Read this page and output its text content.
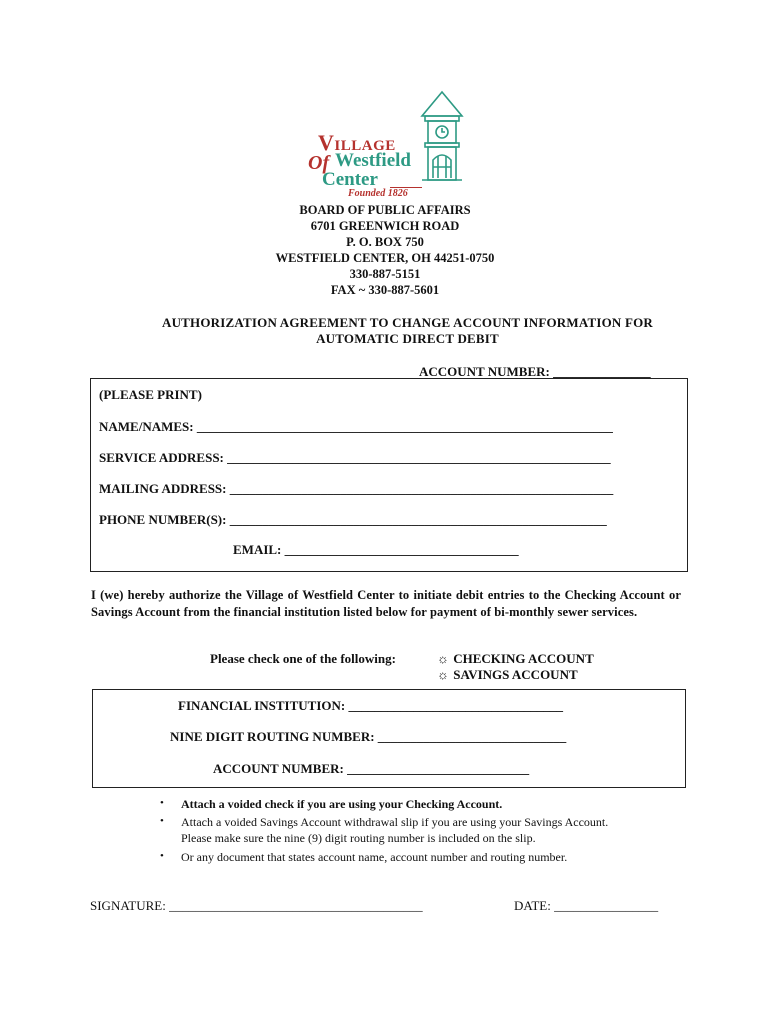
Village
Of Westfield
Center
Founded 1826
BOARD OF PUBLIC AFFAIRS
6701 GREENWICH ROAD
P. O. BOX 750
WESTFIELD CENTER, OH 44251-0750
330-887-5151
FAX ~ 330-887-5601
AUTHORIZATION AGREEMENT TO CHANGE ACCOUNT INFORMATION FOR
AUTOMATIC DIRECT DEBIT
ACCOUNT NUMBER: _______________
(PLEASE PRINT)
NAME/NAMES: ________________________________________________________________
SERVICE ADDRESS: ___________________________________________________________
MAILING ADDRESS: ___________________________________________________________
PHONE NUMBER(S): __________________________________________________________
EMAIL: ____________________________________
I (we) hereby authorize the Village of Westfield Center to initiate debit entries to the Checking Account or Savings Account from the financial institution listed below for payment of bi-monthly sewer services.
Please check one of the following:	☼ CHECKING ACCOUNT
☼ SAVINGS ACCOUNT
FINANCIAL INSTITUTION: _________________________________
NINE DIGIT ROUTING NUMBER: _____________________________
ACCOUNT NUMBER: ____________________________
• Attach a voided check if you are using your Checking Account.
• Attach a voided Savings Account withdrawal slip if you are using your Savings Account.
Please make sure the nine (9) digit routing number is included on the slip.
• Or any document that states account name, account number and routing number.
SIGNATURE: _______________________________________	DATE: ________________
